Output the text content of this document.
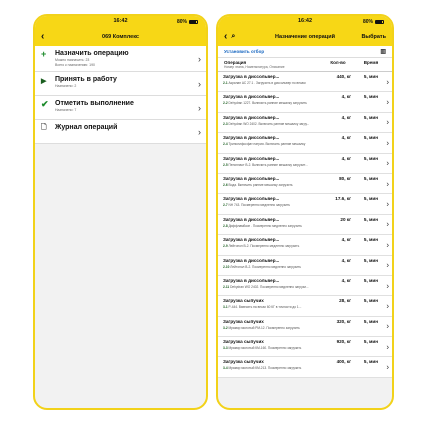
16:42	80%
‹	069 Комплекс
+ Назначить операцию
Можно назначить: 23
Всего к назначению: 190
›
▶ Принять в работу
Назначено: 2	›
✔ Отметить выполнение
Назначено: 7	›
🗋 Журнал операций	›
16:42	80%
‹ ⌕	Назначение операций	Выбрать
Установить отбор	▥
Операция	Кол-во	Время
Номер этапа, Номенклатура, Описание
Загрузка в диссольвер...	440, кг	5, мин
2-1 Акрилан АС 27.1 . Загрузить в диссольвер по весам	›
Загрузка в диссольвер...	4, кг	5, мин
2-2 Dehydran 1227. Включить ранние мешалку загрузить	›
Загрузка в диссольвер...	4, кг	5, мин
2-3 Dehydran WO 2402. Включить ранние мешалку загру...	›
Загрузка в диссольвер...	4, кг	5, мин
2-4 Триполифосфат натрия. Включить ранние мешалку	›
Загрузка в диссольвер...	4, кг	5, мин
2-5 Пенопласт B-2. Включить ранние мешалку загрузит...	›
Загрузка в диссольвер...	80, кг	5, мин
2-6 Вода. Включить ранние мешалку загрузить	›
Загрузка в диссольвер...	17.6, кг	5, мин
2-7 NH 743. Посмеренно медленно загрузить	›
Загрузка в диссольвер...	20 кг	5, мин
2-8 Диффламбкон . Посмеренно медленно загрузить	›
Загрузка в диссольвер...	4, кг	5, мин
2-9 Лейтопол B-2. Посмеренно медленно загрузить	›
Загрузка в диссольвер...	4, кг	5, мин
2-10 Лейтопол B-2. Посмеренно медленно загрузить	›
Загрузка в диссольвер...	4, кг	5, мин
2-11 Dehydran WO 2402. Посмеренно медленно загрузи...	›
Загрузка сыпучих	28, кг	5, мин
3-1 Р-444. Взвесить на весах 60 КГ в точности до 1...	›
Загрузка сыпучих	320, кг	5, мин
3-2 Мрамор молотый РМ-12. Посмеренно загрузить	›
Загрузка сыпучих	920, кг	5, мин
3-3 Мрамор молотый КМ-160. Посмеренно загрузить	›
Загрузка сыпучих	400, кг	5, мин
3-4 Мрамор молотый КМ-213. Посмеренно загрузить	›
